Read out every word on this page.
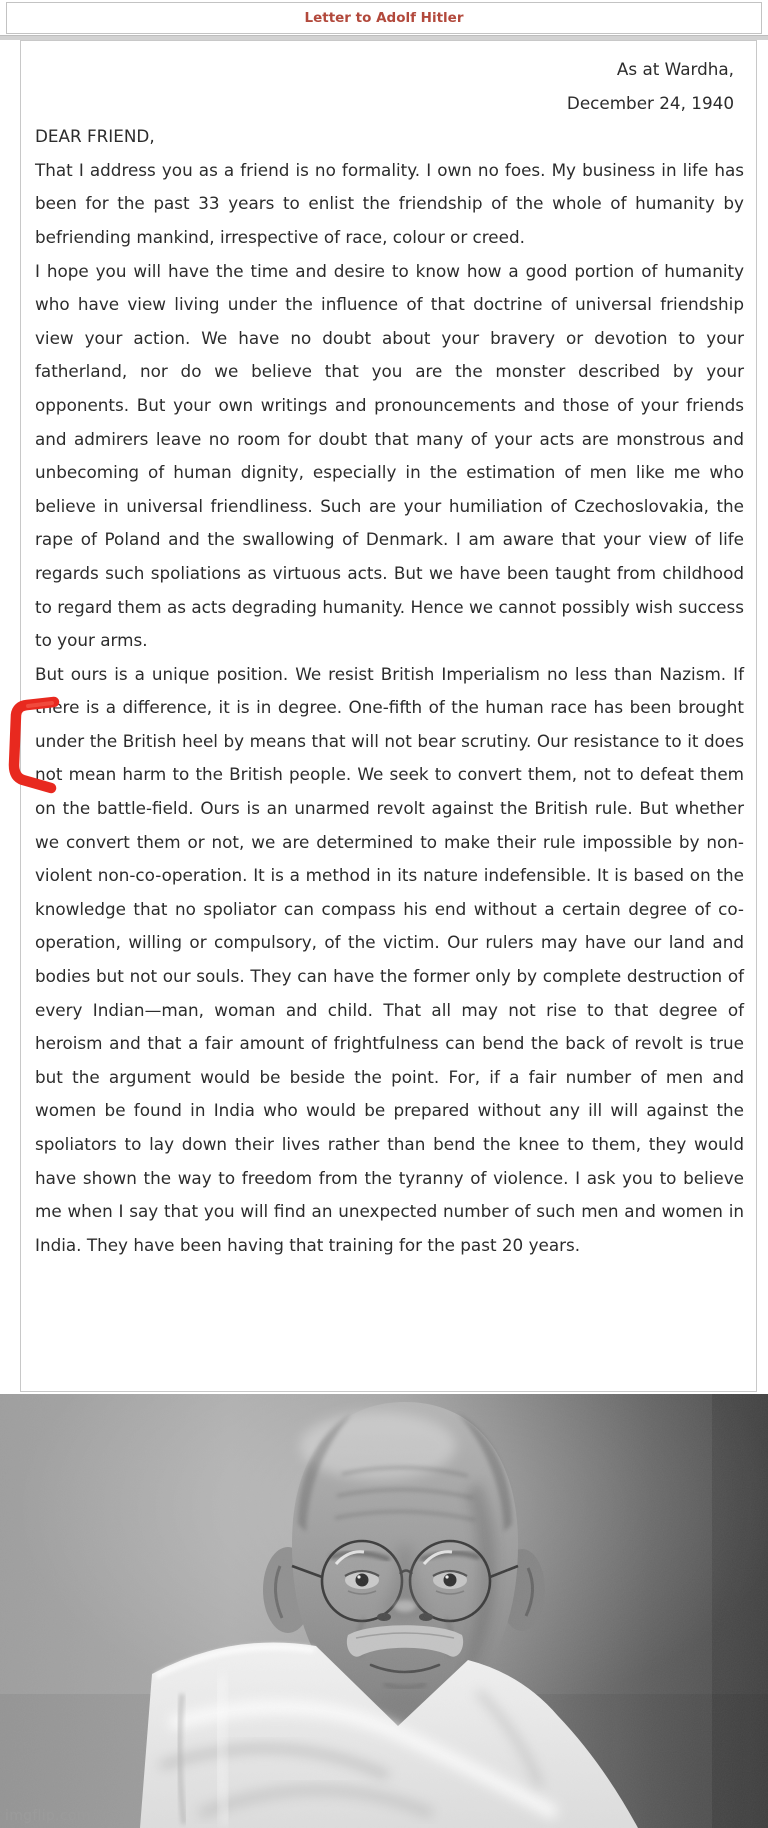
Letter to Adolf Hitler
As at Wardha,
December 24, 1940
DEAR FRIEND,

That I address you as a friend is no formality. I own no foes. My business in life has been for the past 33 years to enlist the friendship of the whole of humanity by befriending mankind, irrespective of race, colour or creed.

I hope you will have the time and desire to know how a good portion of humanity who have view living under the influence of that doctrine of universal friendship view your action. We have no doubt about your bravery or devotion to your fatherland, nor do we believe that you are the monster described by your opponents. But your own writings and pronouncements and those of your friends and admirers leave no room for doubt that many of your acts are monstrous and unbecoming of human dignity, especially in the estimation of men like me who believe in universal friendliness. Such are your humiliation of Czechoslovakia, the rape of Poland and the swallowing of Denmark. I am aware that your view of life regards such spoliations as virtuous acts. But we have been taught from childhood to regard them as acts degrading humanity. Hence we cannot possibly wish success to your arms.

But ours is a unique position. We resist British Imperialism no less than Nazism. If there is a difference, it is in degree. One-fifth of the human race has been brought under the British heel by means that will not bear scrutiny. Our resistance to it does not mean harm to the British people. We seek to convert them, not to defeat them on the battle-field. Ours is an unarmed revolt against the British rule. But whether we convert them or not, we are determined to make their rule impossible by non-violent non-co-operation. It is a method in its nature indefensible. It is based on the knowledge that no spoliator can compass his end without a certain degree of co-operation, willing or compulsory, of the victim. Our rulers may have our land and bodies but not our souls. They can have the former only by complete destruction of every Indian—man, woman and child. That all may not rise to that degree of heroism and that a fair amount of frightfulness can bend the back of revolt is true but the argument would be beside the point. For, if a fair number of men and women be found in India who would be prepared without any ill will against the spoliators to lay down their lives rather than bend the knee to them, they would have shown the way to freedom from the tyranny of violence. I ask you to believe me when I say that you will find an unexpected number of such men and women in India. They have been having that training for the past 20 years.

imgflip.com
